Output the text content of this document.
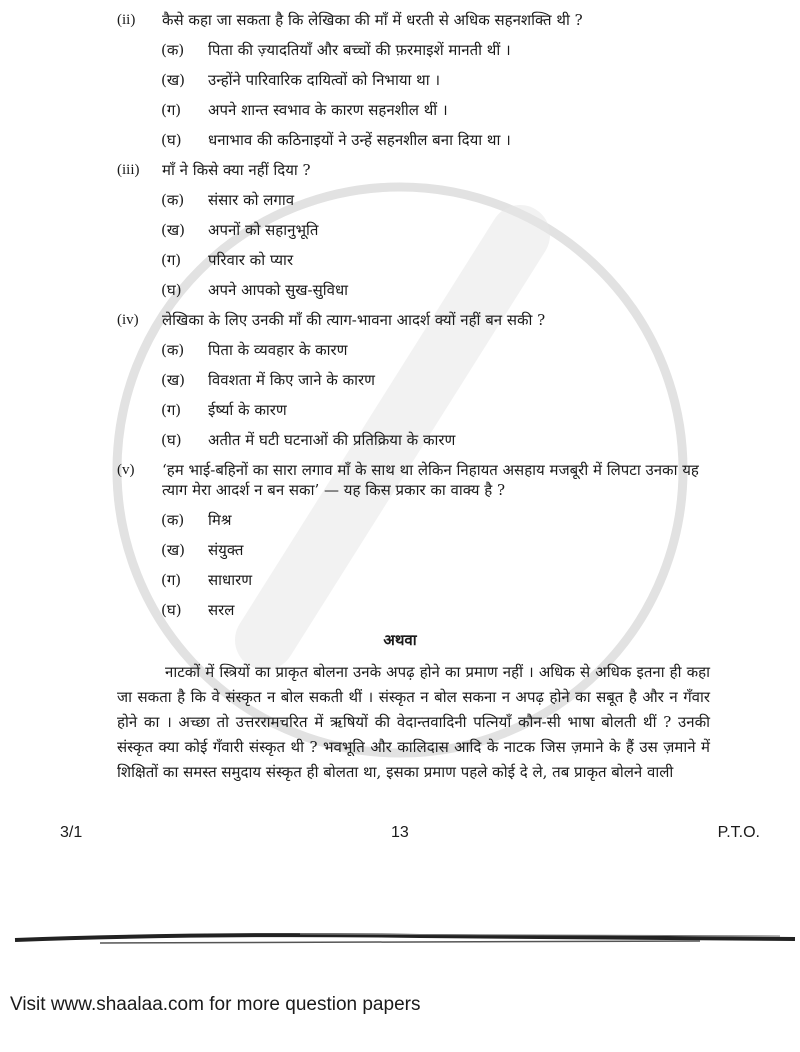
(ii)	कैसे कहा जा सकता है कि लेखिका की माँ में धरती से अधिक सहनशक्ति थी ?
(क)	पिता की ज़्यादतियाँ और बच्चों की फ़रमाइशें मानती थीं ।
(ख)	उन्होंने पारिवारिक दायित्वों को निभाया था ।
(ग)	अपने शान्त स्वभाव के कारण सहनशील थीं ।
(घ)	धनाभाव की कठिनाइयों ने उन्हें सहनशील बना दिया था ।
(iii)	माँ ने किसे क्या नहीं दिया ?
(क)	संसार को लगाव
(ख)	अपनों को सहानुभूति
(ग)	परिवार को प्यार
(घ)	अपने आपको सुख-सुविधा
(iv)	लेखिका के लिए उनकी माँ की त्याग-भावना आदर्श क्यों नहीं बन सकी ?
(क)	पिता के व्यवहार के कारण
(ख)	विवशता में किए जाने के कारण
(ग)	ईर्ष्या के कारण
(घ)	अतीत में घटी घटनाओं की प्रतिक्रिया के कारण
(v)	‘हम भाई-बहिनों का सारा लगाव माँ के साथ था लेकिन निहायत असहाय मजबूरी में लिपटा उनका यह त्याग मेरा आदर्श न बन सका’ — यह किस प्रकार का वाक्य है ?
(क)	मिश्र
(ख)	संयुक्त
(ग)	साधारण
(घ)	सरल
अथवा

नाटकों में स्त्रियों का प्राकृत बोलना उनके अपढ़ होने का प्रमाण नहीं । अधिक से अधिक इतना ही कहा जा सकता है कि वे संस्कृत न बोल सकती थीं । संस्कृत न बोल सकना न अपढ़ होने का सबूत है और न गँवार होने का । अच्छा तो उत्तररामचरित में ऋषियों की वेदान्तवादिनी पत्नियाँ कौन-सी भाषा बोलती थीं ? उनकी संस्कृत क्या कोई गँवारी संस्कृत थी ? भवभूति और कालिदास आदि के नाटक जिस ज़माने के हैं उस ज़माने में शिक्षितों का समस्त समुदाय संस्कृत ही बोलता था, इसका प्रमाण पहले कोई दे ले, तब प्राकृत बोलने वाली

3/1	13	P.T.O.
Visit www.shaalaa.com for more question papers
